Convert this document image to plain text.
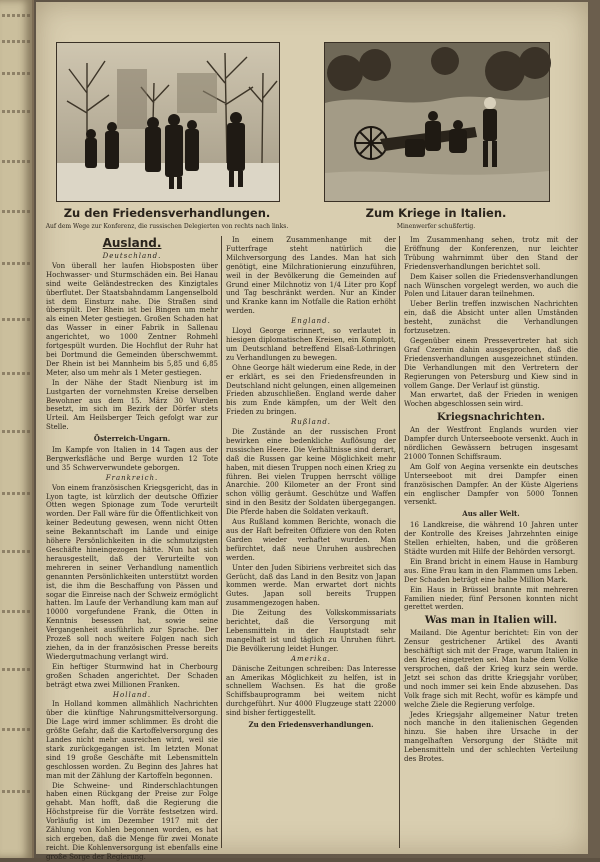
Zu den Friedensverhandlungen.
Auf dem Wege zur Konferenz, die russischen Delegierten von rechts nach links.
Zum Kriege in Italien.
Minenwerfer schußfertig.

Ausland.

Deutschland.

Von überall her laufen Hiobsposten über Hochwasser- und Sturmschäden ein. Bei Hanau sind weite Geländestrecken des Kinzigtales überflutet. Der Staatsbahndamm Langenselbold ist dem Einsturz nahe. Die Straßen sind überspült. Der Rhein ist bei Bingen um mehr als einen Meter gestiegen. Großen Schaden hat das Wasser in einer Fabrik in Sallenau angerichtet, wo 1000 Zentner Rohmehl fortgespült wurden. Die Hochflut der Ruhr hat bei Dortmund die Gemeinden überschwemmt. Der Rhein ist bei Mannheim bis 5,85 und 6,85 Meter, also um mehr als 1 Meter gestiegen.

In der Nähe der Stadt Nienburg ist im Lustgarten der vornehmsten Kreise derselben Bewohner aus dem 15. März 30 Wurden besetzt, im sich im Bezirk der Dörfer stets Urteil. Am Heilsberger Teich gefolgt war zur Stelle.

Österreich-Ungarn.

Im Kampfe von Italien in 14 Tagen aus der Bergwerksfläche und Berge wurden 12 Tote und 35 Schwerverwundete geborgen.

Frankreich.

Von einem französischen Kriegsgericht, das in Lyon tagte, ist kürzlich der deutsche Offizier Otten wegen Spionage zum Tode verurteilt worden. Der Fall wäre für die Öffentlichkeit von keiner Bedeutung gewesen, wenn nicht Otten seine Bekanntschaft im Lande und einige höhere Persönlichkeiten in die schmutzigsten Geschäfte hineingezogen hätte. Nun hat sich herausgestellt, daß der Verurteilte von mehreren in seiner Verhandlung namentlich genannten Persönlichkeiten unterstützt worden ist, die ihm die Beschaffung von Pässen und sogar die Einreise nach der Schweiz ermöglicht hatten. Im Laufe der Verhandlung kam man auf 10000 vorgefundene Frank, die Otten in Kenntnis besessen hat, sowie seine Vergangenheit ausführlich zur Sprache. Der Prozeß soll noch weitere Folgen nach sich ziehen, da in der französischen Presse bereits Wiedergutmachung verlangt wird.

Ein heftiger Sturmwind hat in Cherbourg großen Schaden angerichtet. Der Schaden beträgt etwa zwei Millionen Franken.

Holland.

In Holland kommen allmählich Nachrichten über die künftige Nahrungsmittelversorgung. Die Lage wird immer schlimmer. Es droht die größte Gefahr, daß die Kartoffelversorgung des Landes nicht mehr ausreichen wird, weil sie stark zurückgegangen ist. Im letzten Monat sind 19 große Geschäfte mit Lebensmitteln geschlossen worden. Zu Beginn des Jahres hat man mit der Zählung der Kartoffeln begonnen.

Die Schweine- und Rinderschlachtungen haben einen Rückgang der Preise zur Folge gehabt. Man hofft, daß die Regierung die Höchstpreise für die Vorräte festsetzen wird. Vorläufig ist im Dezember 1917 mit der Zählung von Kohlen begonnen worden, es hat sich ergeben, daß die Menge für zwei Monate reicht. Die Kohlenversorgung ist ebenfalls eine große Sorge der Regierung.

In einem Zusammenhange mit der Futterfrage steht natürlich die Milchversorgung des Landes. Man hat sich genötigt, eine Milchrationierung einzuführen, weil in der Bevölkerung die Gemeinden auf Grund einer Milchnotiz von 1/4 Liter pro Kopf und Tag beschränkt werden. Nur an Kinder und Kranke kann im Notfalle die Ration erhöht werden.

England.

Lloyd George erinnert, so verlautet in hiesigen diplomatischen Kreisen, ein Komplott, um Deutschland betreffend Elsaß-Lothringen zu Verhandlungen zu bewegen.

Ohne George hält wiederum eine Rede, in der er erklärt, es sei den Friedensfreunden in Deutschland nicht gelungen, einen allgemeinen Frieden abzuschließen. England werde daher bis zum Ende kämpfen, um der Welt den Frieden zu bringen.

Rußland.

Die Zustände an der russischen Front bewirken eine bedenkliche Auflösung der russischen Heere. Die Verhältnisse sind derart, daß die Russen gar keine Möglichkeit mehr haben, mit diesen Truppen noch einen Krieg zu führen. Bei vielen Truppen herrscht völlige Anarchie. 200 Kilometer an der Front sind schon völlig geräumt. Geschütze und Waffen sind in den Besitz der Soldaten übergegangen. Die Pferde haben die Soldaten verkauft.

Aus Rußland kommen Berichte, wonach die aus der Haft befreiten Offiziere von den Roten Garden wieder verhaftet wurden. Man befürchtet, daß neue Unruhen ausbrechen werden.

Unter den Juden Sibiriens verbreitet sich das Gerücht, daß das Land in den Besitz von Japan kommen werde. Man erwartet dort nichts Gutes. Japan soll bereits Truppen zusammengezogen haben.

Die Zeitung des Volkskommissariats berichtet, daß die Versorgung mit Lebensmitteln in der Hauptstadt sehr mangelhaft ist und täglich zu Unruhen führt. Die Bevölkerung leidet Hunger.

Amerika.

Dänische Zeitungen schreiben: Das Interesse an Amerikas Möglichkeit zu helfen, ist in schnellem Wachsen. Es hat die große Schiffsbauprogramm bei weitem nicht durchgeführt. Nur 4000 Flugzeuge statt 22000 sind bisher fertiggestellt.

Zu den Friedensverhandlungen.

Im Zusammenhang sehen, trotz mit der Eröffnung der Konferenzen, nur leichter Trübung wahrnimmt über den Stand der Friedensverhandlungen berichtet soll.

Dem Kaiser sollen die Friedensverhandlungen nach Wünschen vorgelegt werden, wo auch die Polen und Litauer daran teilnehmen.

Ueber Berlin treffen inzwischen Nachrichten ein, daß die Absicht unter allen Umständen besteht, zunächst die Verhandlungen fortzusetzen.

Gegenüber einem Pressevertreter hat sich Graf Czernin dahin ausgesprochen, daß die Friedensverhandlungen ausgezeichnet stünden. Die Verhandlungen mit den Vertretern der Regierungen von Petersburg und Kiew sind in vollem Gange. Der Verlauf ist günstig.

Man erwartet, daß der Frieden in wenigen Wochen abgeschlossen sein wird.

Kriegsnachrichten.

An der Westfront Englands wurden vier Dampfer durch Unterseeboote versenkt. Auch in nördlichen Gewässern betrugen insgesamt 21000 Tonnen Schiffsraum.

Am Golf von Aegina versenkte ein deutsches Unterseeboot mit drei Dampfer einen französischen Dampfer. An der Küste Algeriens ein englischer Dampfer von 5000 Tonnen versenkt.

Aus aller Welt.

16 Landkreise, die während 10 Jahren unter der Kontrolle des Kreises Jahrzehnten einige Stellen erhielten, haben, und die größeren Städte wurden mit Hilfe der Behörden versorgt.

Ein Brand bricht in einem Hause in Hamburg aus. Eine Frau kam in den Flammen ums Leben. Der Schaden beträgt eine halbe Million Mark.

Ein Haus in Brüssel brannte mit mehreren Familien nieder, fünf Personen konnten nicht gerettet werden.

Was man in Italien will.

Mailand. Die Agentur berichtet: Ein von der Zensur gestrichener Artikel des Avanti beschäftigt sich mit der Frage, warum Italien in den Krieg eingetreten sei. Man habe dem Volke versprochen, daß der Krieg kurz sein werde. Jetzt sei schon das dritte Kriegsjahr vorüber, und noch immer sei kein Ende abzusehen. Das Volk frage sich mit Recht, wofür es kämpfe und welche Ziele die Regierung verfolge.

Jedes Kriegsjahr allgemeiner Natur treten noch manche in den italienischen Gegenden hinzu. Sie haben ihre Ursache in der mangelhaften Versorgung der Städte mit Lebensmitteln und der schlechten Verteilung des Brotes.
